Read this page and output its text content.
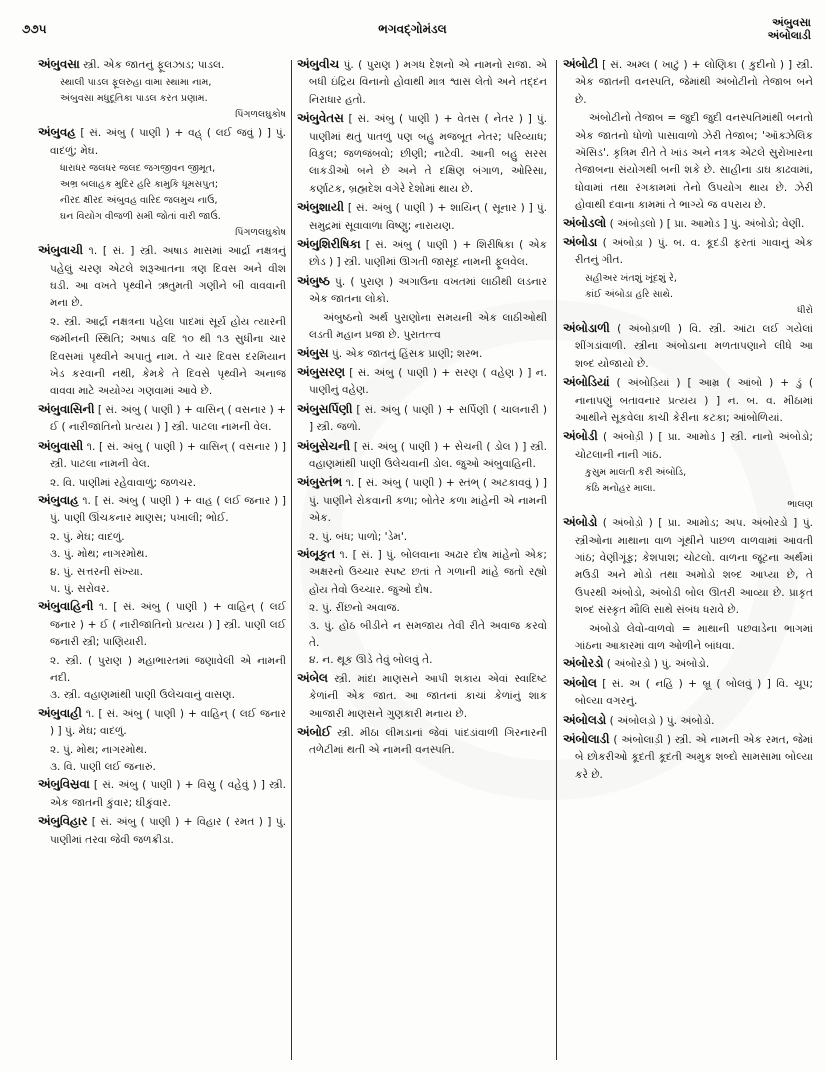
૭૭૫	ભગવદ્ગોમંડલ	અંબુવસા
અંબોલાડી

અંબુવસા સ્ત્રી. એક જાતનું ફૂલઝાડ; પાડલ.

સ્થાલી પાડલ ફૂલરુહા વામા સ્થામા નામ,
અંબુવસા મધુદૂતિકા પાડલ કરત પ્રણામ.
પિંગળલઘુકોષ

અંબુવહ [ સં. અંબુ ( પાણી ) + વહ્ ( લઈ જવું ) ] પું. વાદળું; મેઘ.

ધારાધર જલધર જલદ જગજીવન જીમૂત,
અભ્ર બલાહક મુદિર હરિ કામુકિ ધૂમસપુત;
નીરદ ક્ષીરદ અંબુવહ વારિદ જલમુચ નાઉ,
ઘન વિયોગ વીજળી સમી જોતાં વારી જાઉં.
પિંગળલઘુકોષ

અંબુવાચી ૧. [ સં. ] સ્ત્રી. અષાડ માસમાં આર્દ્રા નક્ષત્રનું પહેલું ચરણ એટલે શરૂઆતના ત્રણ દિવસ અને વીશ ઘડી. આ વખતે પૃથ્વીને ઋતુમતી ગણીને બી વાવવાની મના છે.

૨. સ્ત્રી. આર્દ્રા નક્ષત્રના પહેલા પાદમાં સૂર્ય હોય ત્યારની જમીનની સ્થિતિ; અષાડ વદિ ૧૦ થી ૧૩ સુધીના ચાર દિવસમાં પૃથ્વીને અપાતું નામ. તે ચાર દિવસ દરમિયાન ખેડ કરવાની નથી, કેમકે તે દિવસે પૃથ્વીને અનાજ વાવવા માટે અયોગ્ય ગણવામાં આવે છે.

અંબુવાસિની [ સં. અંબુ ( પાણી ) + વાસિન્ ( વસનાર ) + ઈ ( નારીજાતિનો પ્રત્યય ) ] સ્ત્રી. પાટલા નામની વેલ.

અંબુવાસી ૧. [ સં. અંબુ ( પાણી ) + વાસિન્ ( વસનાર ) ] સ્ત્રી. પાટલા નામની વેલ.

૨. વિ. પાણીમાં રહેવાવાળું; જળચર.

અંબુવાહ ૧. [ સં. અંબુ ( પાણી ) + વાહ ( લઈ જનાર ) ] પું. પાણી ઊંચકનાર માણસ; પખાલી; ભોઈ.

૨. પું. મેઘ; વાદળું.

૩. પું. મોથ; નાગરમોથ.

૪. પું. સત્તરની સંખ્યા.

૫. પું. સરોવર.

અંબુવાહિની ૧. [ સં. અંબુ ( પાણી ) + વાહિન્ ( લઈ જનાર ) + ઈ ( નારીજાતિનો પ્રત્યય ) ] સ્ત્રી. પાણી લઈ જનારી સ્ત્રી; પાણિયારી.

૨. સ્ત્રી. ( પુરાણ ) મહાભારતમાં જણાવેલી એ નામની નદી.

૩. સ્ત્રી. વહાણમાંથી પાણી ઉલેચવાનું વાસણ.

અંબુવાહી ૧. [ સં. અંબુ ( પાણી ) + વાહિન્ ( લઈ જનાર ) ] પું. મેઘ; વાદળું.

૨. પું. મોથ; નાગરમોથ.

૩. વિ. પાણી લઈ જનારું.

અંબુવિસ્રવા [ સં. અંબુ ( પાણી ) + વિસ્રુ ( વહેવું ) ] સ્ત્રી. એક જાતની કુંવાર; ઘીકુંવાર.

અંબુવિહાર [ સં. અંબુ ( પાણી ) + વિહાર ( રમત ) ] પું. પાણીમાં તરવા જેવી જળક્રીડા.

અંબુવીચ પું. ( પુરાણ ) મગધ દેશનો એ નામનો રાજા. એ બધી ઇંદ્રિય વિનાનો હોવાથી માત્ર શ્વાસ લેતો અને તદ્દન નિરાધાર હતો.

અંબુવેતસ [ સં. અંબુ ( પાણી ) + વેતસ ( નેતર ) ] પું. પાણીમાં થતું પાતળું પણ બહુ મજબૂત નેતર; પરિવ્યાધ; વિકુલ; જળજંબવો; છીણી; નાટેવી. આની બહુ સરસ લાકડીઓ બને છે અને તે દક્ષિણ બંગાળ, ઓરિસા, કર્ણાટક, બ્રહ્મદેશ વગેરે દેશોમાં થાય છે.

અંબુશાયી [ સં. અંબુ ( પાણી ) + શાયિન્ ( સૂનાર ) ] પું. સમુદ્રમાં સૂવાવાળા વિષ્ણુ; નારાયણ.

અંબુશિરીષિકા [ સં. અંબુ ( પાણી ) + શિરીષિકા ( એક છોડ ) ] સ્ત્રી. પાણીમાં ઊગતી જાસૂદ નામની ફૂલવેલ.

અંબુષ્ઠ પું. ( પુરાણ ) અગાઉના વખતમાં લાઠીથી લડનાર એક જાતના લોકો.

અંબુષ્ઠનો અર્થ પુરાણોના સમયની એક લાઠીઓથી લડતી મહાન પ્રજા છે. પુરાતત્ત્વ

અંબુસ પું. એક જાતનું હિંસક પ્રાણી; શરભ.

અંબુસરણ [ સં. અંબુ ( પાણી ) + સરણ ( વહેણ ) ] ન. પાણીનું વહેણ.

અંબુસર્પિણી [ સં. અંબુ ( પાણી ) + સર્પિણી ( ચાલનારી ) ] સ્ત્રી. જળો.

અંબુસેચની [ સં. અંબુ ( પાણી ) + સેચની ( ડોલ ) ] સ્ત્રી. વહાણમાંથી પાણી ઉલેચવાની ડોલ. જુઓ અંબુવાહિની.

અંબુસ્તંભ ૧. [ સં. અંબુ ( પાણી ) + સ્તંભ્ ( અટકાવવું ) ] પું. પાણીને રોકવાની કળા; બોતેર કળા માંહેની એ નામની એક.

૨. પું. બંધ; પાળો; 'ડેમ'.

અંબૂકૃત ૧. [ સં. ] પું. બોલવાના અઢાર દોષ માંહેનો એક; અક્ષરનો ઉચ્ચાર સ્પષ્ટ છતાં તે ગળાની માંહે જતો રહ્યો હોય તેવો ઉચ્ચાર. જુઓ દોષ.

૨. પું. રીંછનો અવાજ.

૩. પું. હોઠ બીડીને ન સમજાય તેવી રીતે અવાજ કરવો તે.

૪. ન. થૂક ઊડે તેવું બોલવું તે.

અંબેલ સ્ત્રી. માંદા માણસને આપી શકાય એવાં સ્વાદિષ્ટ કેળાંની એક જાત. આ જાતનાં કાચાં કેળાંનું શાક આજારી માણસને ગુણકારી મનાય છે.

અંબોઈ સ્ત્રી. મીઠા લીમડાનાં જેવાં પાંદડાંવાળી ગિરનારની તળેટીમાં થતી એ નામની વનસ્પતિ.

અંબોટી [ સં. અમ્લ ( ખાટું ) + લોણિકા ( કુદીનો ) ] સ્ત્રી. એક જાતની વનસ્પતિ, જેમાંથી અંબોટીનો તેજાબ બને છે.

અંબોટીનો તેજાબ = જુદી જુદી વનસ્પતિમાંથી બનતો એક જાતનો ધોળો પાસાવાળો ઝેરી તેજાબ; 'ઑક્ઝેલિક ઍસિડ'. કૃત્રિમ રીતે તે ખાંડ અને નત્રક એટલે સુરોખારના તેજાબના સંયોગથી બની શકે છે. સાહીના ડાઘ કાઢવામાં, ધોવામાં તથા રંગકામમાં તેનો ઉપયોગ થાય છે. ઝેરી હોવાથી દવાના કામમાં તે ભાગ્યે જ વપરાય છે.

અંબોડલો ( અંબોડ઼લો ) [ પ્રા. આમોડ ] પું. અંબોડો; વેણી.

અંબોડા ( અંબોડ઼ા ) પું. બ. વ. કૂદડી ફરતાં ગાવાનું એક રીતનું ગીત.

સહીઅર ખંતશું ખૂંદશું રે,
કાંઈ અંબોડા હરિ સાથે.
ધીરો

અંબોડાળી ( અંબોડ઼ાળી ) વિ. સ્ત્રી. આંટા લઈ ગયેલાં શીંગડાંવાળી. સ્ત્રીના અંબોડાના મળતાપણાને લીધે આ શબ્દ યોજાયો છે.

અંબોડિયાં ( અંબોડ઼િયાં ) [ આમ્ર ( આંબો ) + ડું ( નાનાપણું બતાવનાર પ્રત્યય ) ] ન. બ. વ. મીઠામાં આથીને સૂકવેલા કાચી કેરીના કટકા; આંબોળિયાં.

અંબોડી ( અંબોડ઼ી ) [ પ્રા. આમોડ ] સ્ત્રી. નાનો અંબોડો; ચોટલાની નાની ગાંઠ.

કુસુમ માલતી કરી અંબોડિ,
કંઠિ મનોહર માલા.
ભાલણ

અંબોડો ( અંબોડ઼ો ) [ પ્રા. આમોડ; અપ. અંબોરડો ] પું. સ્ત્રીઓના માથાના વાળ ગૂંથીને પાછળ વાળવામાં આવતી ગાંઠ; વેણીગૂંફ; કેશપાશ; ચોટલો. વાળના જૂટના અર્થમાં મઉડી અને મોડો તથા અમોડો શબ્દ આપ્યા છે, તે ઉપરથી અંબોડો, અંબોડી બોલ ઊતરી આવ્યા છે. પ્રાકૃત શબ્દ સંસ્કૃત મૌલિ સાથે સંબંધ ધરાવે છે.

અંબોડો લેવો-વાળવો = માથાની પછવાડેના ભાગમાં ગાંઠના આકારમાં વાળ ઓળીને બાંધવા.

અંબોરડો ( અંબોરડ઼ો ) પું. અંબોડો.

અંબોલ [ સં. અ ( નહિ ) + બ્રૂ ( બોલવું ) ] વિ. ચૂપ; બોલ્યા વગરનું.

અંબોલડો ( અંબોલડ઼ો ) પું. અંબોડો.

અંબોલાડી ( અંબોલાડ઼ી ) સ્ત્રી. એ નામની એક રમત, જેમાં બે છોકરીઓ કૂદતી કૂદતી અમુક શબ્દો સામસામા બોલ્યા કરે છે.
